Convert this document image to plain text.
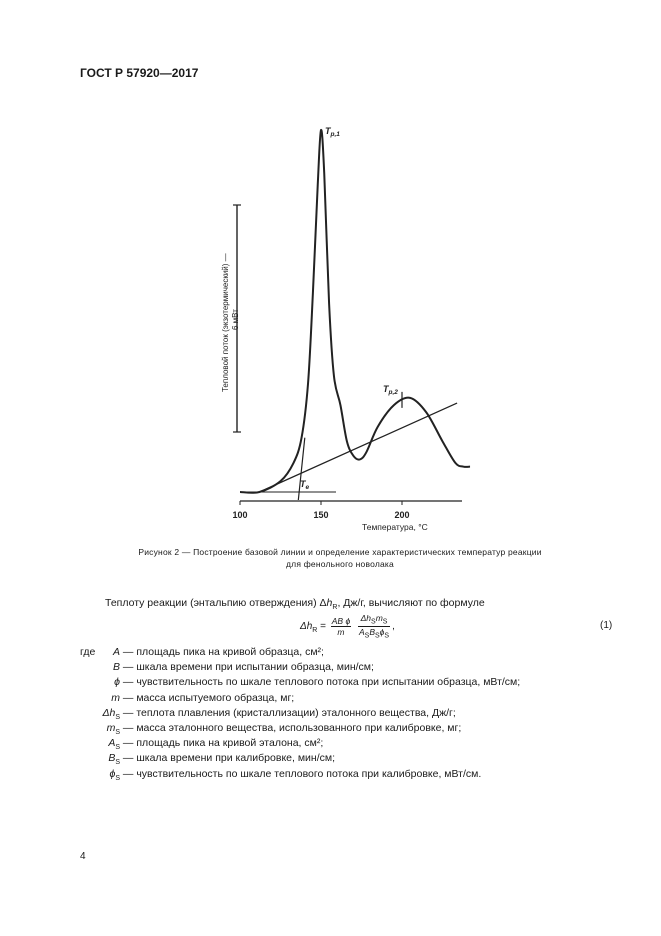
ГОСТ Р 57920—2017
100	150	200
Тепловой поток (экзотермический) — 6 мВт
Температура, °С
$T_{p,1}$
$T_{p,2}$
$T_e$
Рисунок 2 — Построение базовой линии и определение характеристических температур реакции
для фенольного новолака
Теплоту реакции (энтальпию отверждения) $\Delta h_R$, Дж/г, вычисляют по формуле
$\Delta h_R = \frac{\text{AB ϕ}}{m}$
$\frac{\Delta h_Sm_S}{A_SB_S\phi_S}$ ,	(1)
где A — площадь пика на кривой образца, см²;
B — шкала времени при испытании образца, мин/см;
ϕ — чувствительность по шкале теплового потока при испытании образца, мВт/см;
m — масса испытуемого образца, мг;
$\Delta h_S$ — теплота плавления (кристаллизации) эталонного вещества, Дж/г;
$m_S$ — масса эталонного вещества, использованного при калибровке, мг;
$A_S$ — площадь пика на кривой эталона, см²;
$B_S$ — шкала времени при калибровке, мин/см;
$\phi_S$ — чувствительность по шкале теплового потока при калибровке, мВт/см.
4
